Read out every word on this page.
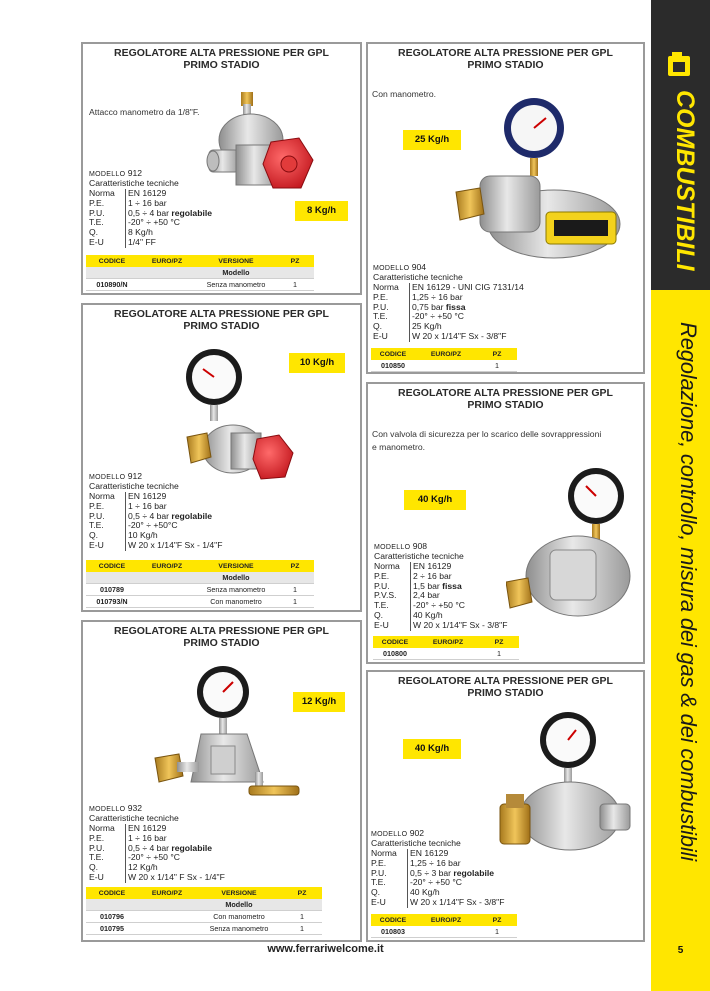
REGOLATORE ALTA PRESSIONE PER GPL
PRIMO STADIO
Attacco manometro da 1/8"F.
8 Kg/h
MODELLO 912
Caratteristiche tecniche
Norma	EN 16129
P.E.	1 ÷ 16 bar
P.U.	0,5 ÷ 4 bar regolabile
T.E.	-20° ÷ +50 °C
Q.	8 Kg/h
E-U	1/4" FF
CODICE	EURO/PZ	VERSIONE	PZ
		Modello	
010890/N		Senza manometro	1
REGOLATORE ALTA PRESSIONE PER GPL
PRIMO STADIO
10 Kg/h
MODELLO 912
Caratteristiche tecniche
Norma	EN 16129
P.E.	1 ÷ 16 bar
P.U.	0,5 ÷ 4 bar regolabile
T.E.	-20° ÷ +50°C
Q.	10 Kg/h
E-U	W 20 x 1/14"F Sx - 1/4"F
CODICE	EURO/PZ	VERSIONE	PZ
		Modello	
010789		Senza manometro	1
010793/N		Con manometro	1
REGOLATORE ALTA PRESSIONE PER GPL
PRIMO STADIO
12 Kg/h
MODELLO 932
Caratteristiche tecniche
Norma	EN 16129
P.E.	1 ÷ 16 bar
P.U.	0,5 ÷ 4 bar regolabile
T.E.	-20° ÷ +50 °C
Q.	12 Kg/h
E-U	W 20 x 1/14" F Sx - 1/4"F
CODICE	EURO/PZ	VERSIONE	PZ
		Modello	
010796		Con manometro	1
010795		Senza manometro	1
REGOLATORE ALTA PRESSIONE PER GPL
PRIMO STADIO
Con manometro.
25 Kg/h
MODELLO 904
Caratteristiche tecniche
Norma	EN 16129 - UNI CIG 7131/14
P.E.	1,25 ÷ 16 bar
P.U.	0,75 bar fissa
T.E.	-20° ÷ +50 °C
Q.	25 Kg/h
E-U	W 20 x 1/14"F Sx - 3/8"F
CODICE	EURO/PZ	PZ
010850		1
REGOLATORE ALTA PRESSIONE PER GPL
PRIMO STADIO
Con valvola di sicurezza per lo scarico delle sovrappressioni
e manometro.
40 Kg/h
MODELLO 908
Caratteristiche tecniche
Norma	EN 16129
P.E.	2 ÷ 16 bar
P.U.	1,5 bar fissa
P.V.S.	2,4 bar
T.E.	-20° ÷ +50 °C
Q.	40 Kg/h
E-U	W 20 x 1/14"F Sx - 3/8"F
CODICE	EURO/PZ	PZ
010800		1
REGOLATORE ALTA PRESSIONE PER GPL
PRIMO STADIO
40 Kg/h
MODELLO 902
Caratteristiche tecniche
Norma	EN 16129
P.E.	1,25 ÷ 16 bar
P.U.	0,5 ÷ 3 bar regolabile
T.E.	-20° ÷ +50 °C
Q.	40 Kg/h
E-U	W 20 x 1/14"F Sx - 3/8"F
CODICE	EURO/PZ	PZ
010803		1
COMBUSTIBILI
Regolazione, controllo, misura dei gas & dei combustibili
www.ferrariwelcome.it	5
